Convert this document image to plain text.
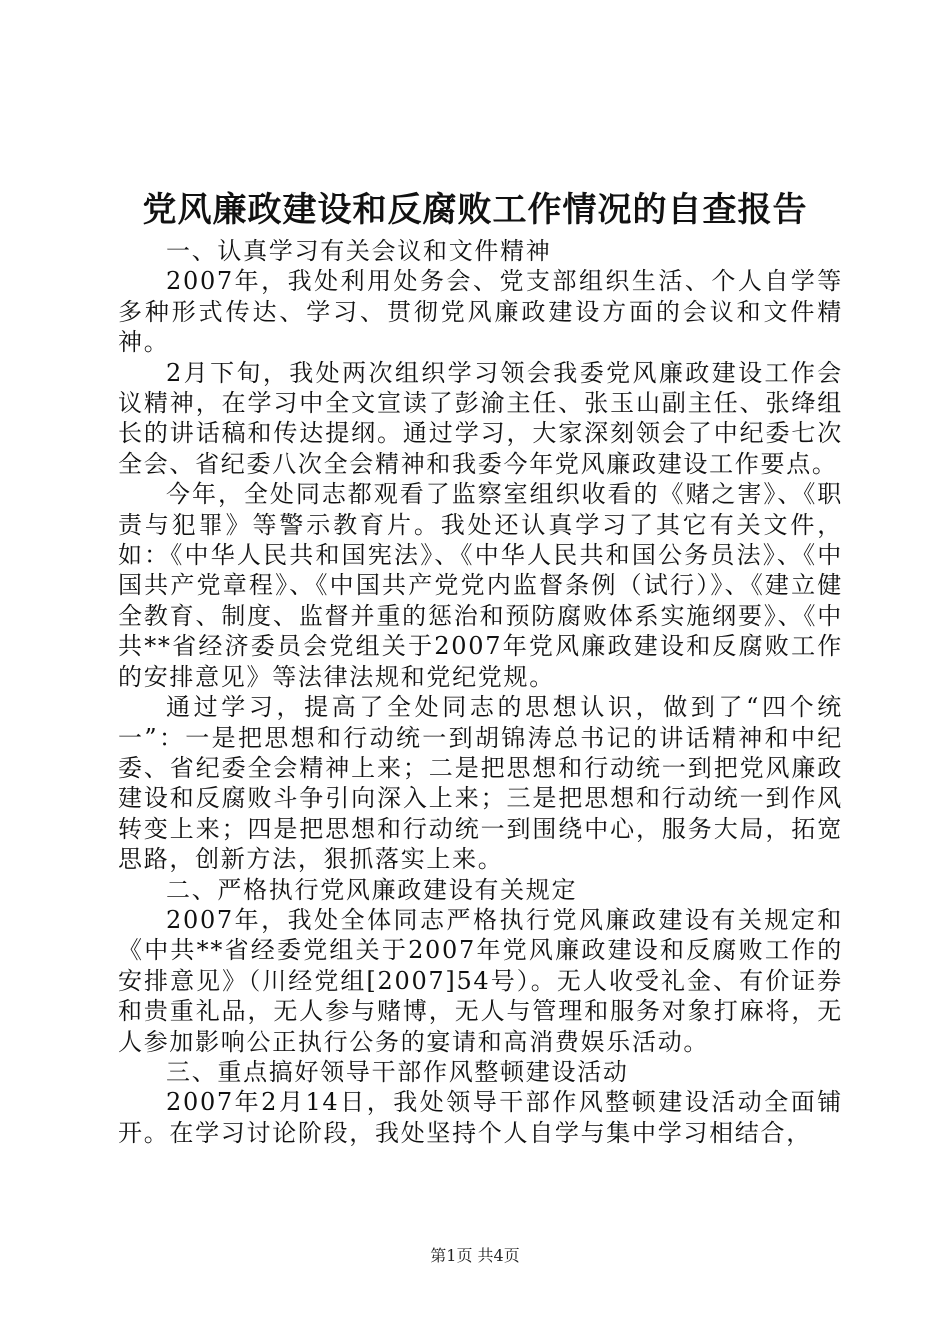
党风廉政建设和反腐败工作情况的自查报告

一、认真学习有关会议和文件精神

2007年，我处利用处务会、党支部组织生活、个人自学等多种形式传达、学习、贯彻党风廉政建设方面的会议和文件精神。

2月下旬，我处两次组织学习领会我委党风廉政建设工作会议精神，在学习中全文宣读了彭渝主任、张玉山副主任、张绛组长的讲话稿和传达提纲。通过学习，大家深刻领会了中纪委七次全会、省纪委八次全会精神和我委今年党风廉政建设工作要点。

今年，全处同志都观看了监察室组织收看的《赌之害》、《职责与犯罪》等警示教育片。我处还认真学习了其它有关文件，如：《中华人民共和国宪法》、《中华人民共和国公务员法》、《中国共产党章程》、《中国共产党党内监督条例（试行）》、《建立健全教育、制度、监督并重的惩治和预防腐败体系实施纲要》、《中共**省经济委员会党组关于2007年党风廉政建设和反腐败工作的安排意见》等法律法规和党纪党规。

通过学习，提高了全处同志的思想认识，做到了“四个统一”：一是把思想和行动统一到胡锦涛总书记的讲话精神和中纪委、省纪委全会精神上来；二是把思想和行动统一到把党风廉政建设和反腐败斗争引向深入上来；三是把思想和行动统一到作风转变上来；四是把思想和行动统一到围绕中心，服务大局，拓宽思路，创新方法，狠抓落实上来。

二、严格执行党风廉政建设有关规定

2007年，我处全体同志严格执行党风廉政建设有关规定和《中共**省经委党组关于2007年党风廉政建设和反腐败工作的安排意见》（川经党组[2007]54号）。无人收受礼金、有价证券和贵重礼品，无人参与赌博，无人与管理和服务对象打麻将，无人参加影响公正执行公务的宴请和高消费娱乐活动。

三、重点搞好领导干部作风整顿建设活动

2007年2月14日，我处领导干部作风整顿建设活动全面铺开。在学习讨论阶段，我处坚持个人自学与集中学习相结合，

第1页 共4页
